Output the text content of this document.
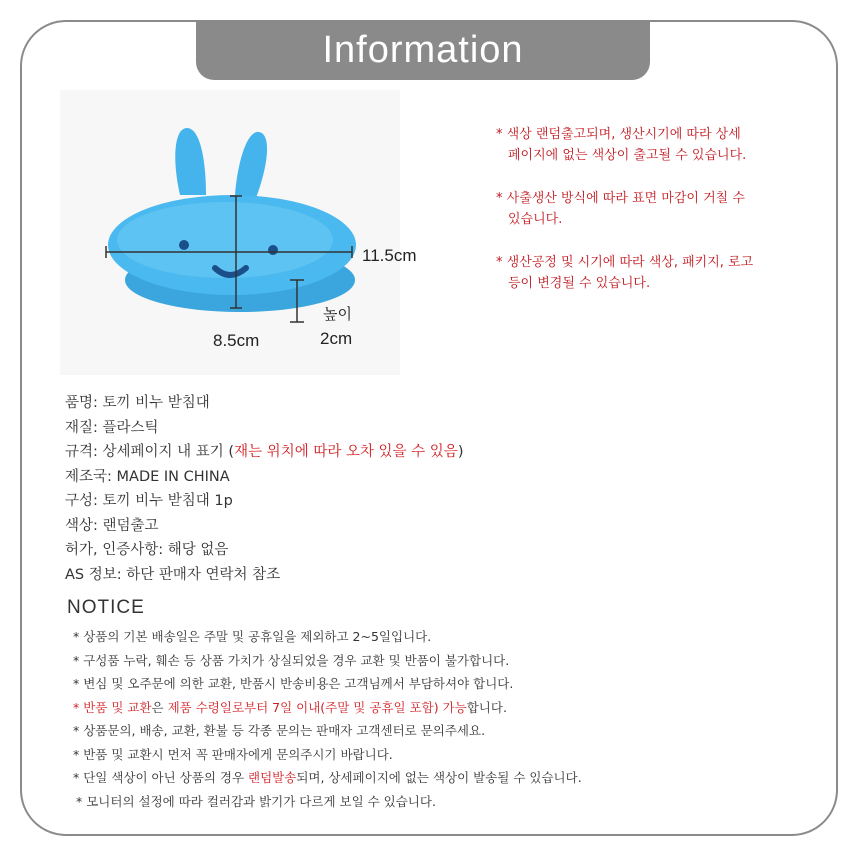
Information
11.5cm
8.5cm
높이
2cm

* 색상 랜덤출고되며, 생산시기에 따라 상세

페이지에 없는 색상이 출고될 수 있습니다.

* 사출생산 방식에 따라 표면 마감이 거칠 수

있습니다.

* 생산공정 및 시기에 따라 색상, 패키지, 로고

등이 변경될 수 있습니다.

품명: 토끼 비누 받침대
재질: 플라스틱
규격: 상세페이지 내 표기 (재는 위치에 따라 오차 있을 수 있음)
제조국: MADE IN CHINA
구성: 토끼 비누 받침대 1p
색상: 랜덤출고
허가, 인증사항: 해당 없음
AS 정보: 하단 판매자 연락처 참조
NOTICE
* 상품의 기본 배송일은 주말 및 공휴일을 제외하고 2~5일입니다.
* 구성품 누락, 훼손 등 상품 가치가 상실되었을 경우 교환 및 반품이 불가합니다.
* 변심 및 오주문에 의한 교환, 반품시 반송비용은 고객님께서 부담하셔야 합니다.
* 반품 및 교환은 제품 수령일로부터 7일 이내(주말 및 공휴일 포함) 가능합니다.
* 상품문의, 배송, 교환, 환불 등 각종 문의는 판매자 고객센터로 문의주세요.
* 반품 및 교환시 먼저 꼭 판매자에게 문의주시기 바랍니다.
* 단일 색상이 아닌 상품의 경우 랜덤발송되며, 상세페이지에 없는 색상이 발송될 수 있습니다.
* 모니터의 설정에 따라 컬러감과 밝기가 다르게 보일 수 있습니다.
